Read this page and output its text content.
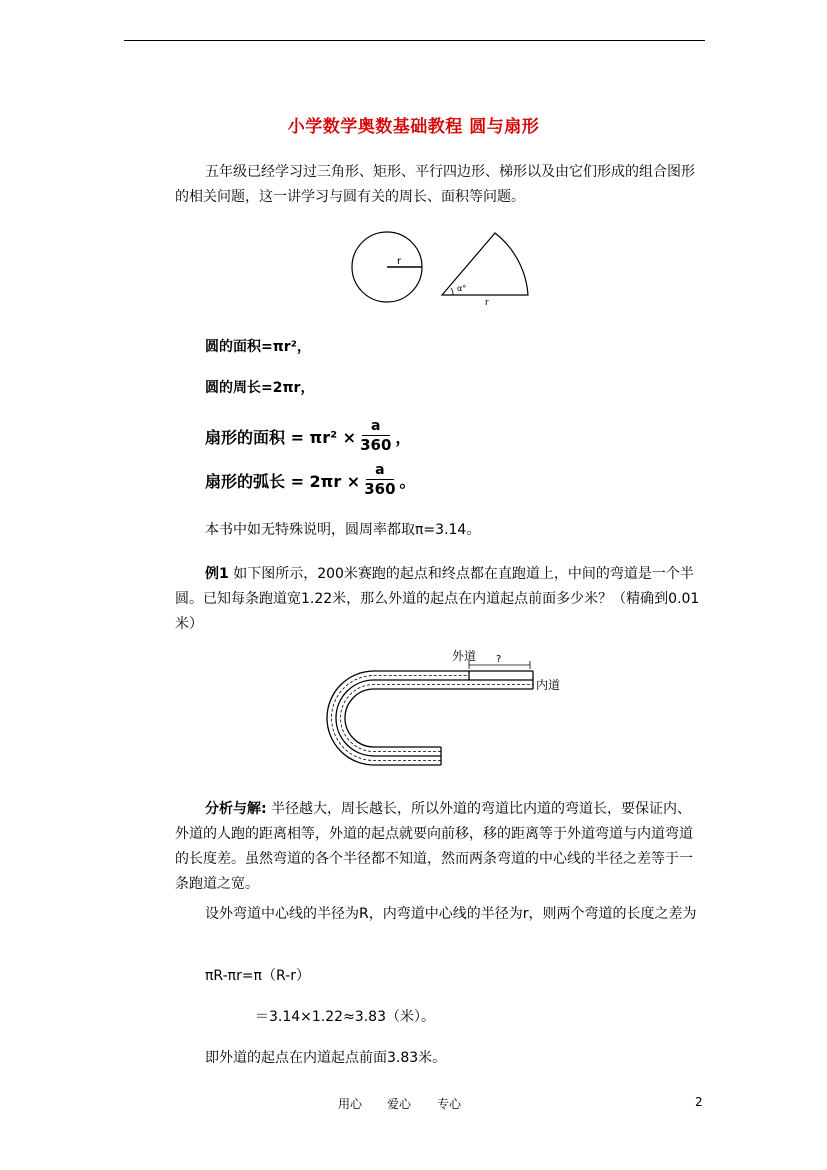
小学数学奥数基础教程 圆与扇形
五年级已经学习过三角形、矩形、平行四边形、梯形以及由它们形成的组合图形的相关问题，这一讲学习与圆有关的周长、面积等问题。
r
α°
r
圆的面积=πr²，
圆的周长=2πr，
扇形的面积 = $\pi r^2 \times \frac{a}{360}$ ，
扇形的弧长 = $2\pi r \times \frac{a}{360}$ 。
本书中如无特殊说明，圆周率都取π=3.14。
例1 如下图所示，200米赛跑的起点和终点都在直跑道上，中间的弯道是一个半圆。已知每条跑道宽1.22米，那么外道的起点在内道起点前面多少米？（精确到0.01米）
外道 ?
内道
分析与解: 半径越大，周长越长，所以外道的弯道比内道的弯道长，要保证内、外道的人跑的距离相等，外道的起点就要向前移，移的距离等于外道弯道与内道弯道的长度差。虽然弯道的各个半径都不知道，然而两条弯道的中心线的半径之差等于一条跑道之宽。
设外弯道中心线的半径为R，内弯道中心线的半径为r，则两个弯道的长度之差为
πR-πr=π（R-r）
＝3.14×1.22≈3.83（米）。
即外道的起点在内道起点前面3.83米。
用心 爱心 专心	2
